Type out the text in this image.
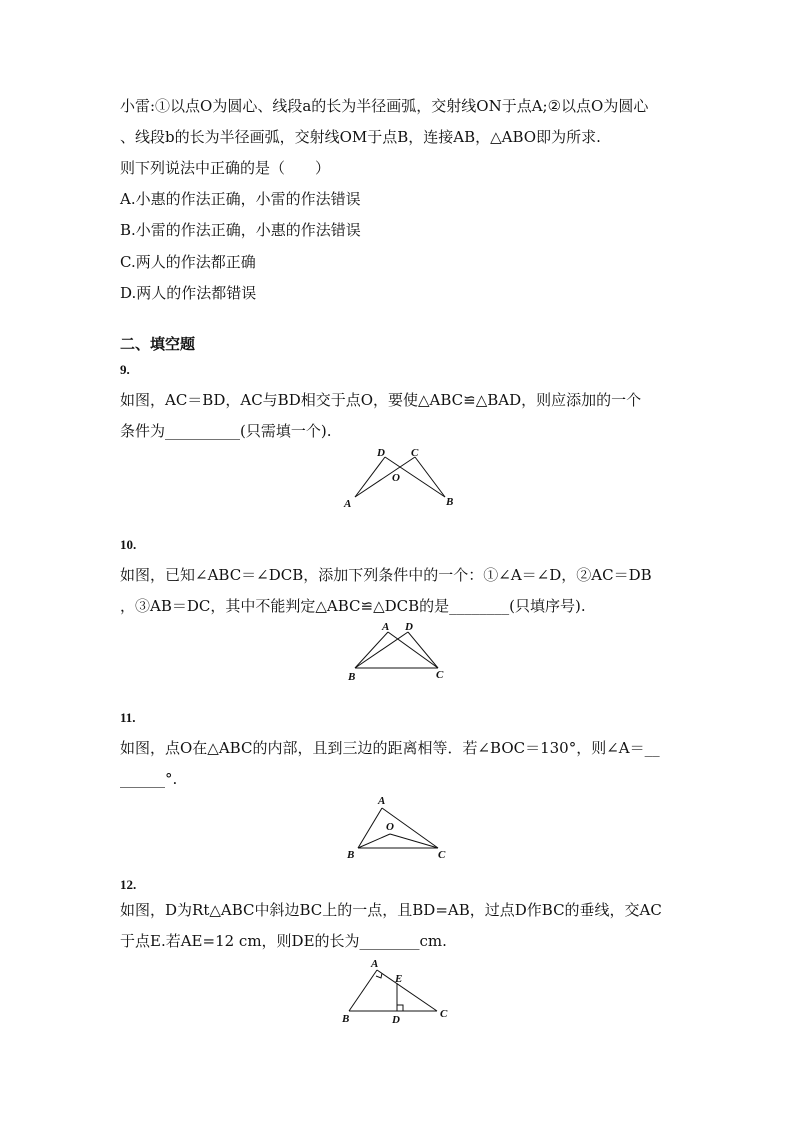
小雷:①以点O为圆心、线段a的长为半径画弧，交射线ON于点A;②以点O为圆心
、线段b的长为半径画弧，交射线OM于点B，连接AB，△ABO即为所求.
则下列说法中正确的是（　　）
A.小惠的作法正确，小雷的作法错误
B.小雷的作法正确，小惠的作法错误
C.两人的作法都正确
D.两人的作法都错误
二、填空题
9.
如图，AC＝BD，AC与BD相交于点O，要使△ABC≌△BAD，则应添加的一个
条件为__________(只需填一个).
D C
O
A	B
10.
如图，已知∠ABC＝∠DCB，添加下列条件中的一个：①∠A＝∠D，②AC＝DB
，③AB＝DC，其中不能判定△ABC≌△DCB的是________(只填序号).
A D
B	C
11.
如图，点O在△ABC的内部，且到三边的距离相等．若∠BOC＝130°，则∠A＝__
______°.
A
O
B	C
12.
如图，D为Rt△ABC中斜边BC上的一点，且BD=AB，过点D作BC的垂线，交AC
于点E.若AE=12 cm，则DE的长为________cm.
A
E
B	D	C
